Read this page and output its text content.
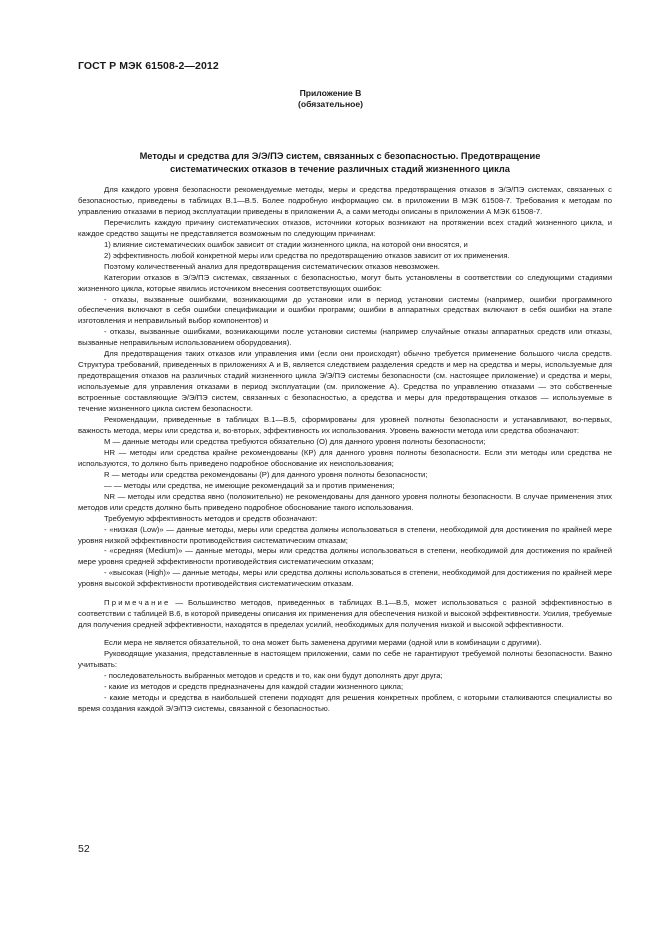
ГОСТ Р МЭК 61508-2—2012
Приложение В
(обязательное)
Методы и средства для Э/Э/ПЭ систем, связанных с безопасностью. Предотвращение
систематических отказов в течение различных стадий жизненного цикла

Для каждого уровня безопасности рекомендуемые методы, меры и средства предотвращения отказов в Э/Э/ПЭ системах, связанных с безопасностью, приведены в таблицах В.1—В.5. Более подробную информацию см. в приложении В МЭК 61508-7. Требования к методам по управлению отказами в период эксплуатации приведены в приложении А, а сами методы описаны в приложении А МЭК 61508-7.

Перечислить каждую причину систематических отказов, источники которых возникают на протяжении всех стадий жизненного цикла, и каждое средство защиты не представляется возможным по следующим причинам:

1) влияние систематических ошибок зависит от стадии жизненного цикла, на которой они вносятся, и

2) эффективность любой конкретной меры или средства по предотвращению отказов зависит от их применения.

Поэтому количественный анализ для предотвращения систематических отказов невозможен.

Категории отказов в Э/Э/ПЭ системах, связанных с безопасностью, могут быть установлены в соответствии со следующими стадиями жизненного цикла, которые явились источником внесения соответствующих ошибок:

- отказы, вызванные ошибками, возникающими до установки или в период установки системы (например, ошибки программного обеспечения включают в себя ошибки спецификации и ошибки программ; ошибки в аппаратных средствах включают в себя ошибки на этапе изготовления и неправильный выбор компонентов) и

- отказы, вызванные ошибками, возникающими после установки системы (например случайные отказы аппаратных средств или отказы, вызванные неправильным использованием оборудования).

Для предотвращения таких отказов или управления ими (если они происходят) обычно требуется применение большого числа средств. Структура требований, приведенных в приложениях А и В, является следствием разделения средств и мер на средства и меры, используемые для предотвращения отказов на различных стадий жизненного цикла Э/Э/ПЭ системы безопасности (см. настоящее приложение) и средства и меры, используемые для управления отказами в период эксплуатации (см. приложение А). Средства по управлению отказами — это собственные встроенные составляющие Э/Э/ПЭ систем, связанных с безопасностью, а средства и меры для предотвращения отказов — используемые в течение жизненного цикла систем безопасности.

Рекомендации, приведенные в таблицах В.1—В.5, сформированы для уровней полноты безопасности и устанавливают, во-первых, важность метода, меры или средства и, во-вторых, эффективность их использования. Уровень важности метода или средства обозначают:

М — данные методы или средства требуются обязательно (О) для данного уровня полноты безопасности;

HR — методы или средства крайне рекомендованы (КР) для данного уровня полноты безопасности. Если эти методы или средства не используются, то должно быть приведено подробное обоснование их неиспользования;

R — методы или средства рекомендованы (Р) для данного уровня полноты безопасности;

— — методы или средства, не имеющие рекомендаций за и против применения;

NR — методы или средства явно (положительно) не рекомендованы для данного уровня полноты безопасности. В случае применения этих методов или средств должно быть приведено подробное обоснование такого использования.

Требуемую эффективность методов и средств обозначают:

- «низкая (Low)» — данные методы, меры или средства должны использоваться в степени, необходимой для достижения по крайней мере уровня низкой эффективности противодействия систематическим отказам;

- «средняя (Medium)» — данные методы, меры или средства должны использоваться в степени, необходимой для достижения по крайней мере уровня средней эффективности противодействия систематическим отказам;

- «высокая (High)» — данные методы, меры или средства должны использоваться в степени, необходимой для достижения по крайней мере уровня высокой эффективности противодействия систематическим отказам.

Примечание — Большинство методов, приведенных в таблицах В.1—В.5, может использоваться с разной эффективностью в соответствии с таблицей В.6, в которой приведены описания их применения для обеспечения низкой и высокой эффективности. Усилия, требуемые для получения средней эффективности, находятся в пределах усилий, необходимых для получения низкой и высокой эффективности.

Если мера не является обязательной, то она может быть заменена другими мерами (одной или в комбинации с другими).

Руководящие указания, представленные в настоящем приложении, сами по себе не гарантируют требуемой полноты безопасности. Важно учитывать:

- последовательность выбранных методов и средств и то, как они будут дополнять друг друга;

- какие из методов и средств предназначены для каждой стадии жизненного цикла;

- какие методы и средства в наибольшей степени подходят для решения конкретных проблем, с которыми сталкиваются специалисты во время создания каждой Э/Э/ПЭ системы, связанной с безопасностью.

52
